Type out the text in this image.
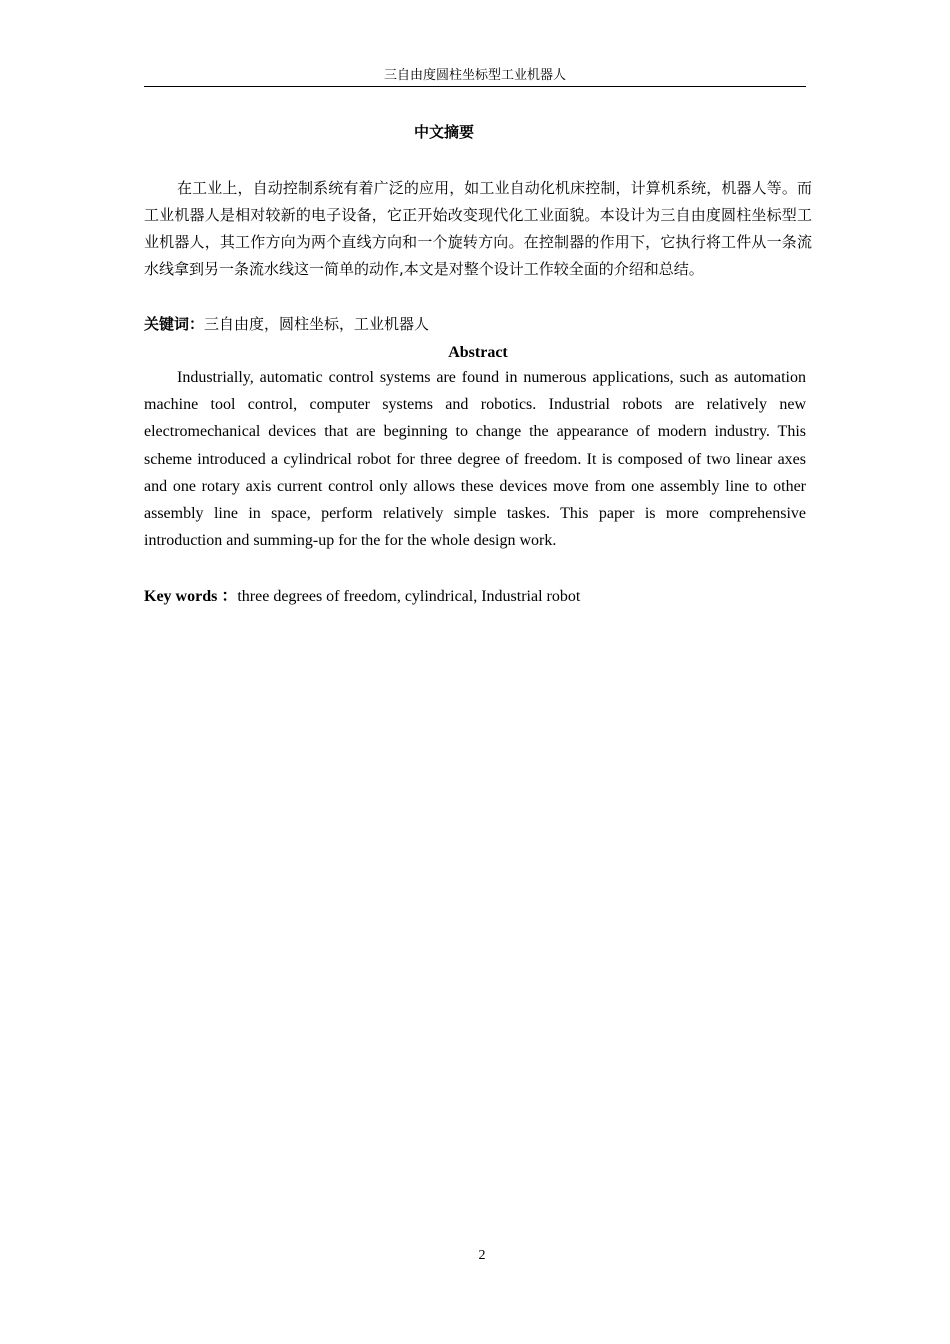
三自由度圆柱坐标型工业机器人
中文摘要

在工业上，自动控制系统有着广泛的应用，如工业自动化机床控制，计算机系统，机器人等。而工业机器人是相对较新的电子设备，它正开始改变现代化工业面貌。本设计为三自由度圆柱坐标型工业机器人，其工作方向为两个直线方向和一个旋转方向。在控制器的作用下，它执行将工件从一条流水线拿到另一条流水线这一简单的动作,本文是对整个设计工作较全面的介绍和总结。

关键词：三自由度，圆柱坐标，工业机器人
Abstract

Industrially, automatic control systems are found in numerous applications, such as automation machine tool control, computer systems and robotics. Industrial robots are relatively new electromechanical devices that are beginning to change the appearance of modern industry. This scheme introduced a cylindrical robot for three degree of freedom. It is composed of two linear axes and one rotary axis current control only allows these devices move from one assembly line to other assembly line in space, perform relatively simple taskes. This paper is more comprehensive introduction and summing-up for the for the whole design work.

Key words ：three degrees of freedom, cylindrical, Industrial robot
2
